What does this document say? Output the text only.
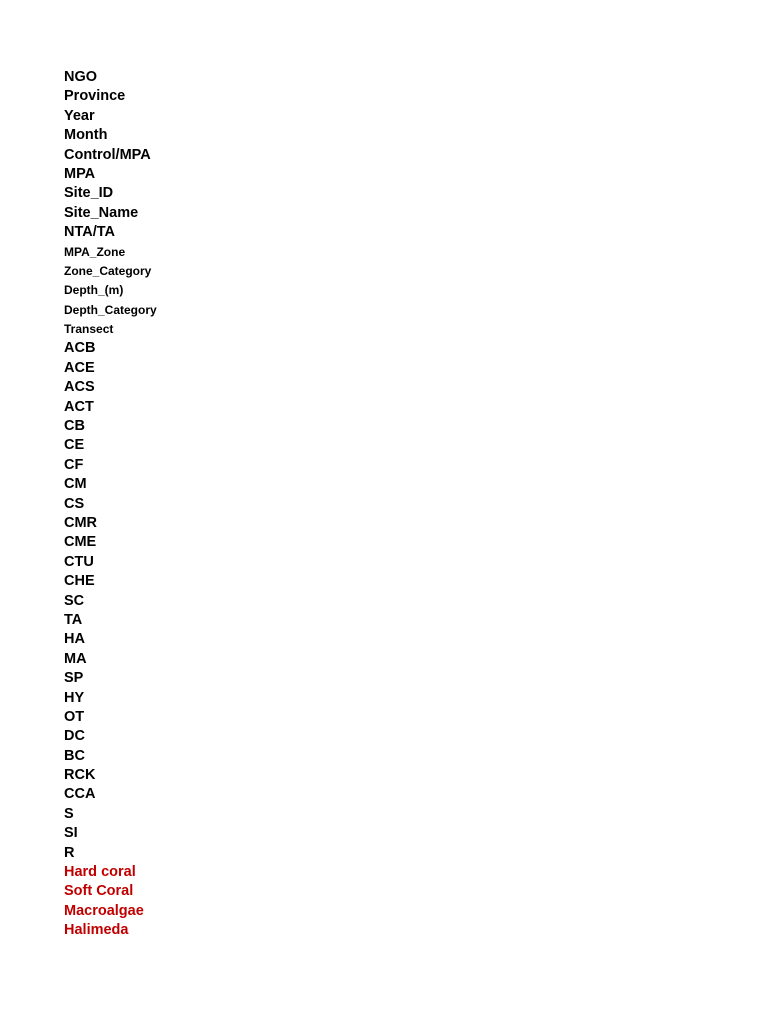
NGO
Province
Year
Month
Control/MPA
MPA
Site_ID
Site_Name
NTA/TA
MPA_Zone
Zone_Category
Depth_(m)
Depth_Category
Transect
ACB
ACE
ACS
ACT
CB
CE
CF
CM
CS
CMR
CME
CTU
CHE
SC
TA
HA
MA
SP
HY
OT
DC
BC
RCK
CCA
S
SI
R
Hard coral
Soft Coral
Macroalgae
Halimeda
